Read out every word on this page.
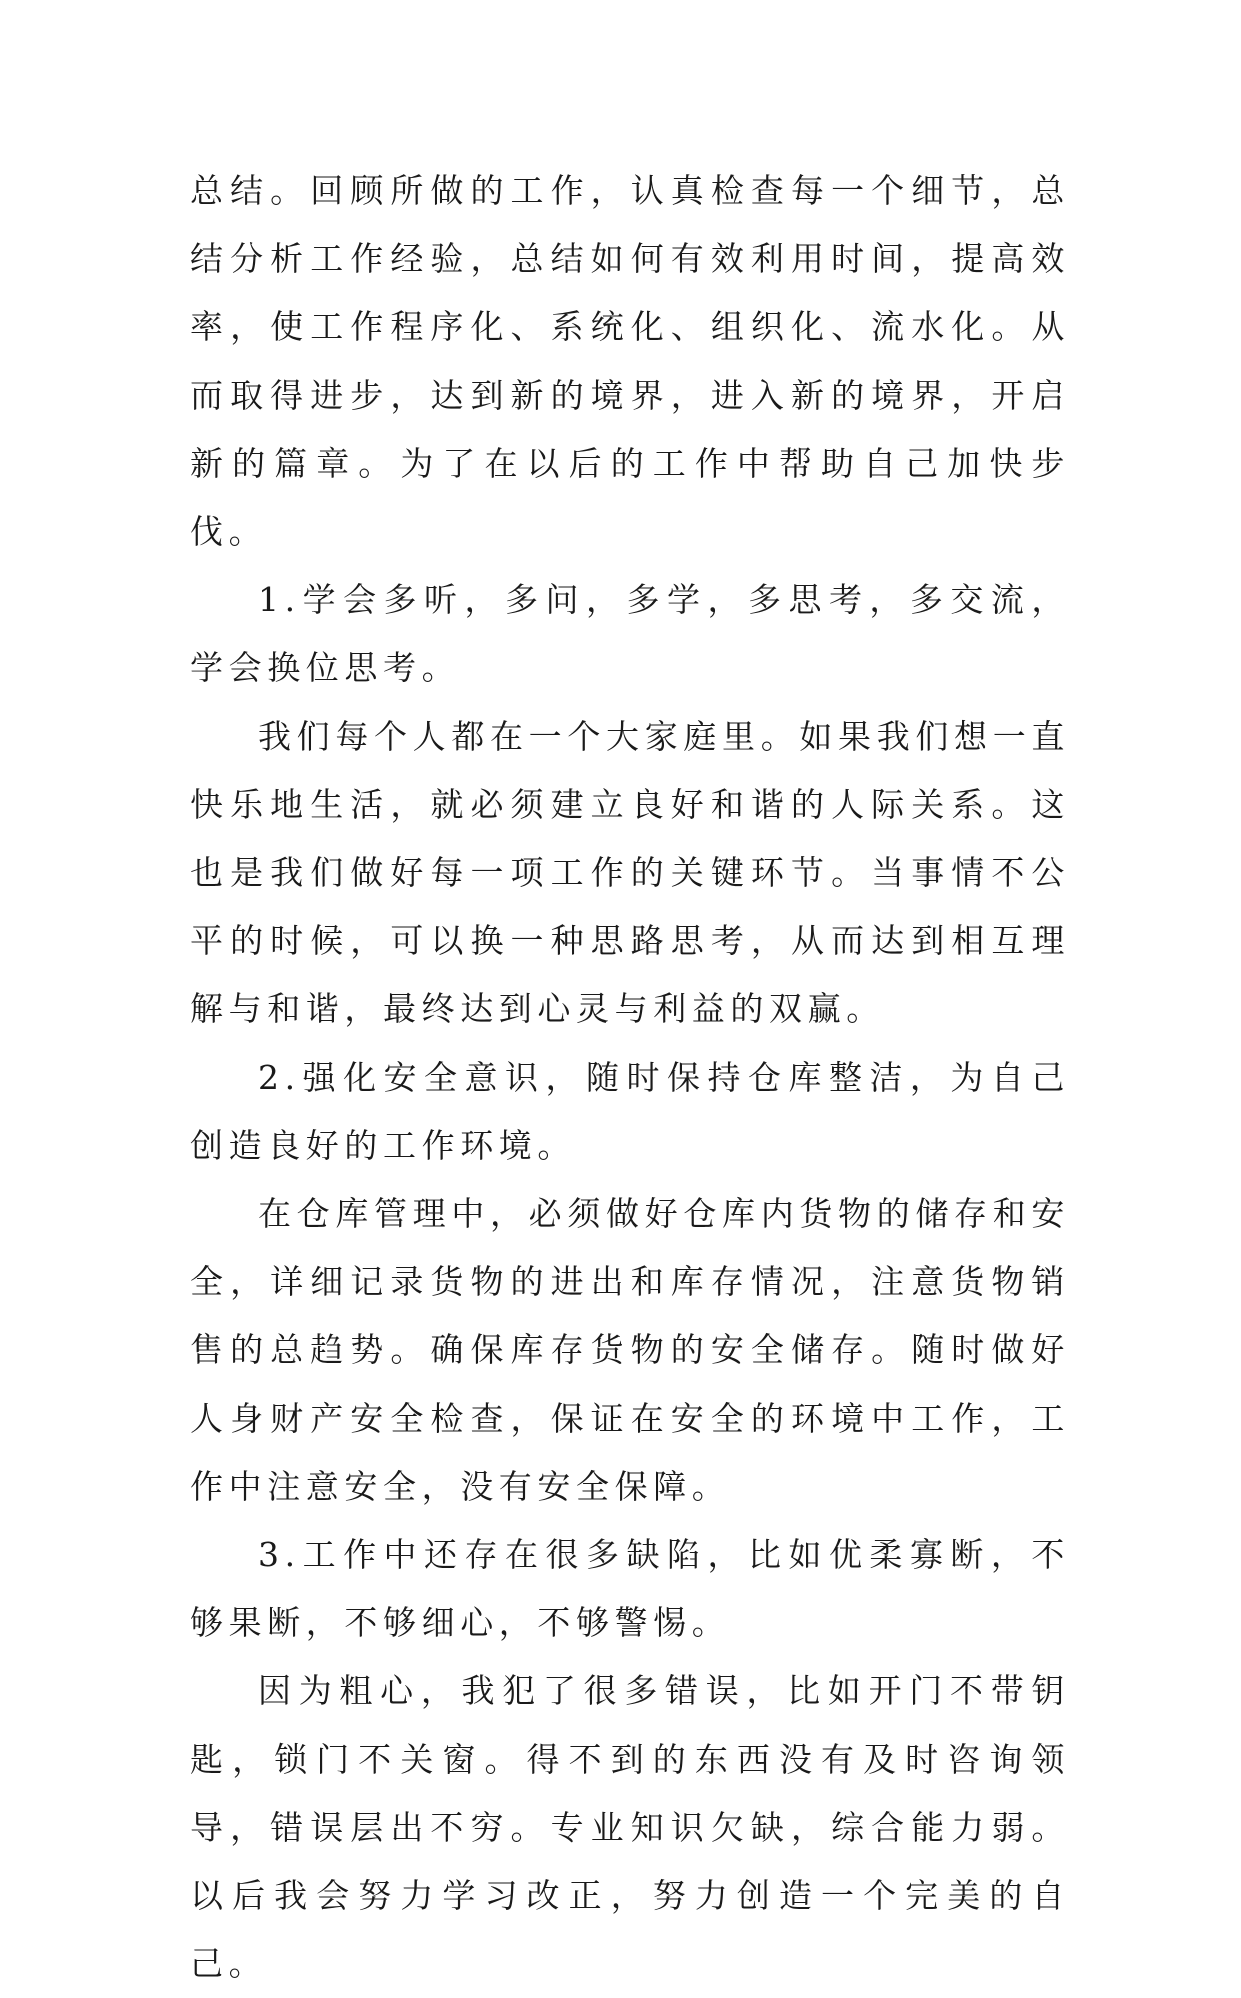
总结。回顾所做的工作，认真检查每一个细节，总结分析工作经验，总结如何有效利用时间，提高效率，使工作程序化、系统化、组织化、流水化。从而取得进步，达到新的境界，进入新的境界，开启新的篇章。为了在以后的工作中帮助自己加快步伐。

1.学会多听，多问，多学，多思考，多交流，学会换位思考。

我们每个人都在一个大家庭里。如果我们想一直快乐地生活，就必须建立良好和谐的人际关系。这也是我们做好每一项工作的关键环节。当事情不公平的时候，可以换一种思路思考，从而达到相互理解与和谐，最终达到心灵与利益的双赢。

2.强化安全意识，随时保持仓库整洁，为自己创造良好的工作环境。

在仓库管理中，必须做好仓库内货物的储存和安全，详细记录货物的进出和库存情况，注意货物销售的总趋势。确保库存货物的安全储存。随时做好人身财产安全检查，保证在安全的环境中工作，工作中注意安全，没有安全保障。

3.工作中还存在很多缺陷，比如优柔寡断，不够果断，不够细心，不够警惕。

因为粗心，我犯了很多错误，比如开门不带钥匙，锁门不关窗。得不到的东西没有及时咨询领导，错误层出不穷。专业知识欠缺，综合能力弱。以后我会努力学习改正，努力创造一个完美的自己。
